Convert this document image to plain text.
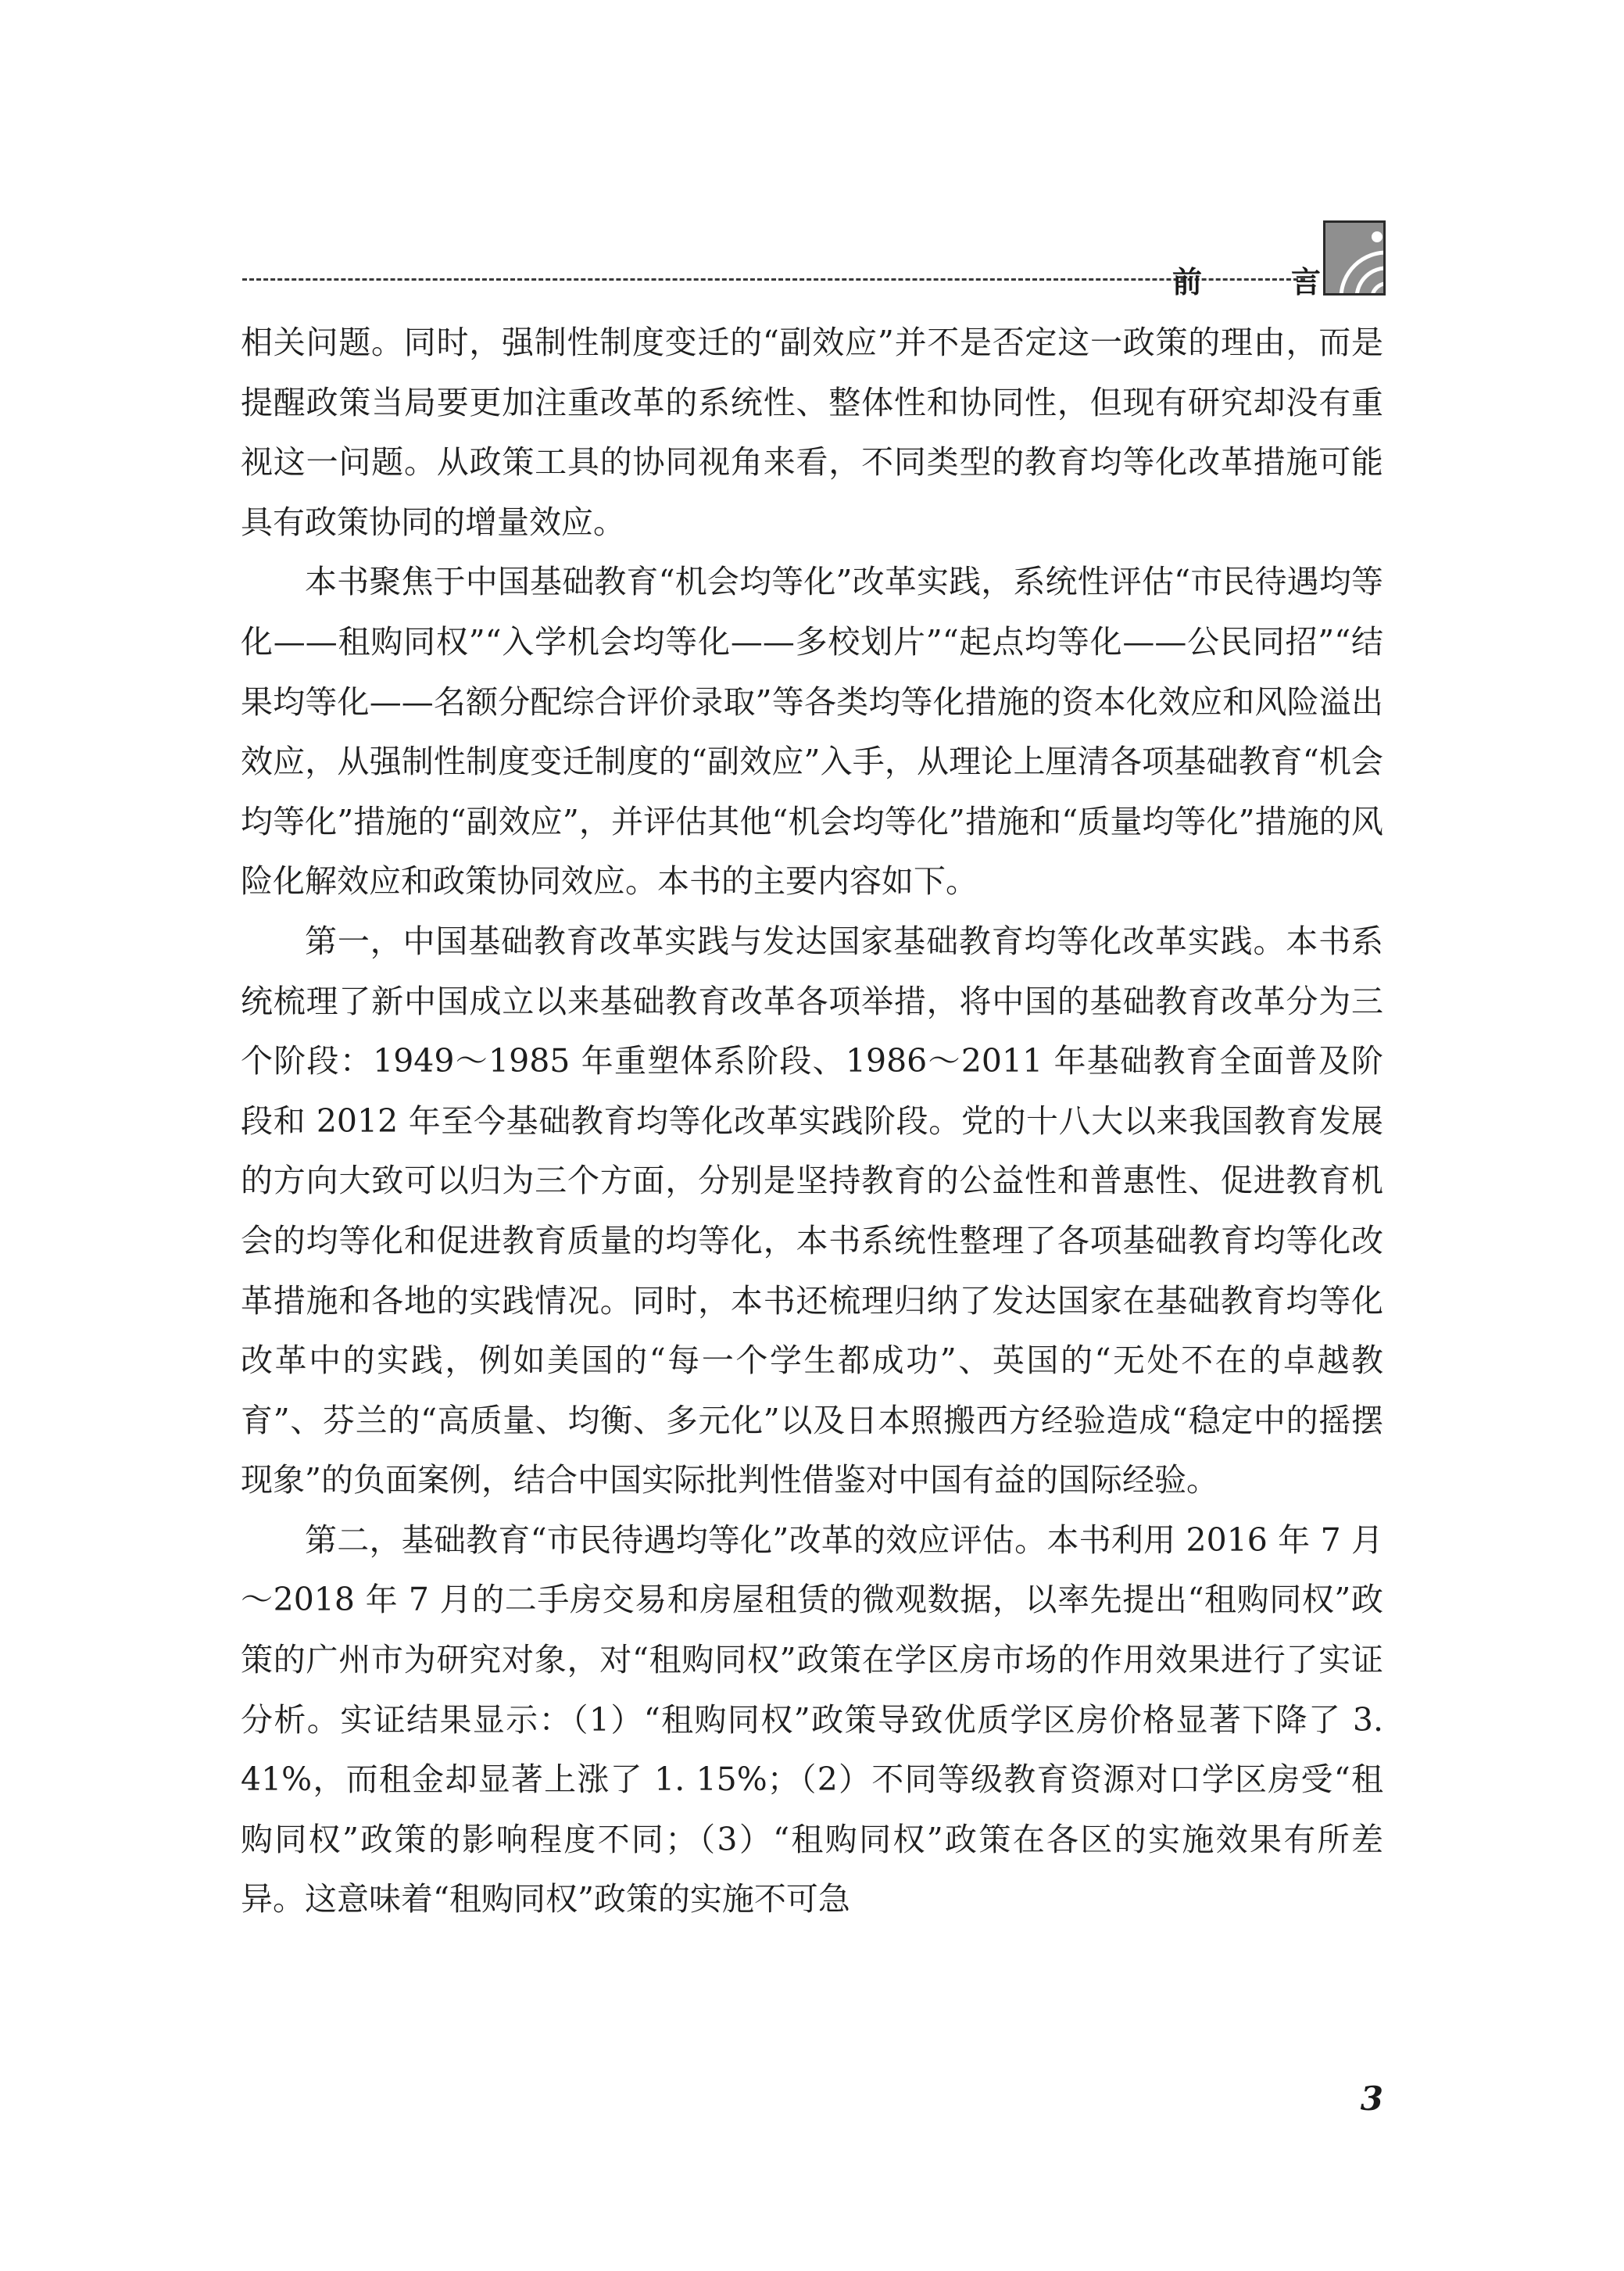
前	言

相关问题。同时，强制性制度变迁的“副效应”并不是否定这一政策的理由，而是提醒政策当局要更加注重改革的系统性、整体性和协同性，但现有研究却没有重视这一问题。从政策工具的协同视角来看，不同类型的教育均等化改革措施可能具有政策协同的增量效应。

本书聚焦于中国基础教育“机会均等化”改革实践，系统性评估“市民待遇均等化——租购同权”“入学机会均等化——多校划片”“起点均等化——公民同招”“结果均等化——名额分配综合评价录取”等各类均等化措施的资本化效应和风险溢出效应，从强制性制度变迁制度的“副效应”入手，从理论上厘清各项基础教育“机会均等化”措施的“副效应”，并评估其他“机会均等化”措施和“质量均等化”措施的风险化解效应和政策协同效应。本书的主要内容如下。

第一，中国基础教育改革实践与发达国家基础教育均等化改革实践。本书系统梳理了新中国成立以来基础教育改革各项举措，将中国的基础教育改革分为三个阶段：1949～1985 年重塑体系阶段、1986～2011 年基础教育全面普及阶段和 2012 年至今基础教育均等化改革实践阶段。党的十八大以来我国教育发展的方向大致可以归为三个方面，分别是坚持教育的公益性和普惠性、促进教育机会的均等化和促进教育质量的均等化，本书系统性整理了各项基础教育均等化改革措施和各地的实践情况。同时，本书还梳理归纳了发达国家在基础教育均等化改革中的实践，例如美国的“每一个学生都成功”、英国的“无处不在的卓越教育”、芬兰的“高质量、均衡、多元化”以及日本照搬西方经验造成“稳定中的摇摆现象”的负面案例，结合中国实际批判性借鉴对中国有益的国际经验。

第二，基础教育“市民待遇均等化”改革的效应评估。本书利用 2016 年 7 月～2018 年 7 月的二手房交易和房屋租赁的微观数据，以率先提出“租购同权”政策的广州市为研究对象，对“租购同权”政策在学区房市场的作用效果进行了实证分析。实证结果显示：（1）“租购同权”政策导致优质学区房价格显著下降了 3. 41%，而租金却显著上涨了 1. 15%；（2）不同等级教育资源对口学区房受“租购同权”政策的影响程度不同；（3）“租购同权”政策在各区的实施效果有所差异。这意味着“租购同权”政策的实施不可急

3
